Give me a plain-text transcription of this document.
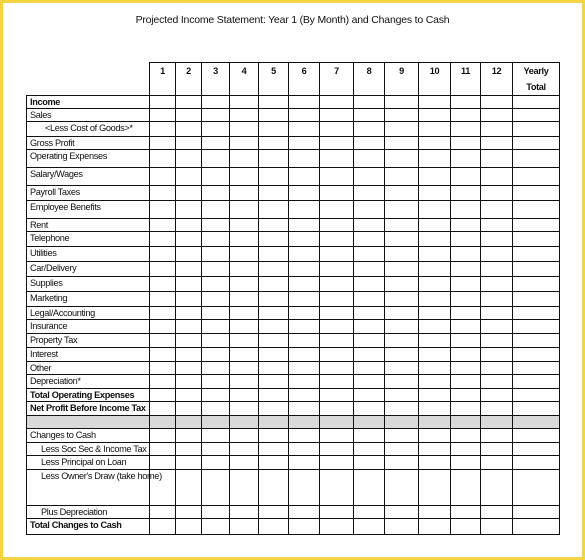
Projected Income Statement: Year 1 (By Month) and Changes to Cash
	1	2	3	4	5	6	7	8	9	10	11	12	Yearly Total
Income													
Sales													
<Less Cost of Goods>*													
Gross Profit													
Operating Expenses													
Salary/Wages													
Payroll Taxes													
Employee Benefits													
Rent													
Telephone													
Utilities													
Car/Delivery													
Supplies													
Marketing													
Legal/Accounting													
Insurance													
Property Tax													
Interest													
Other													
Depreciation*													
Total Operating Expenses													
Net Profit Before Income Tax													

Changes to Cash													
Less Soc Sec & Income Tax													
Less Principal on Loan													
Less Owner's Draw (take home)													
Plus Depreciation													
Total Changes to Cash													
